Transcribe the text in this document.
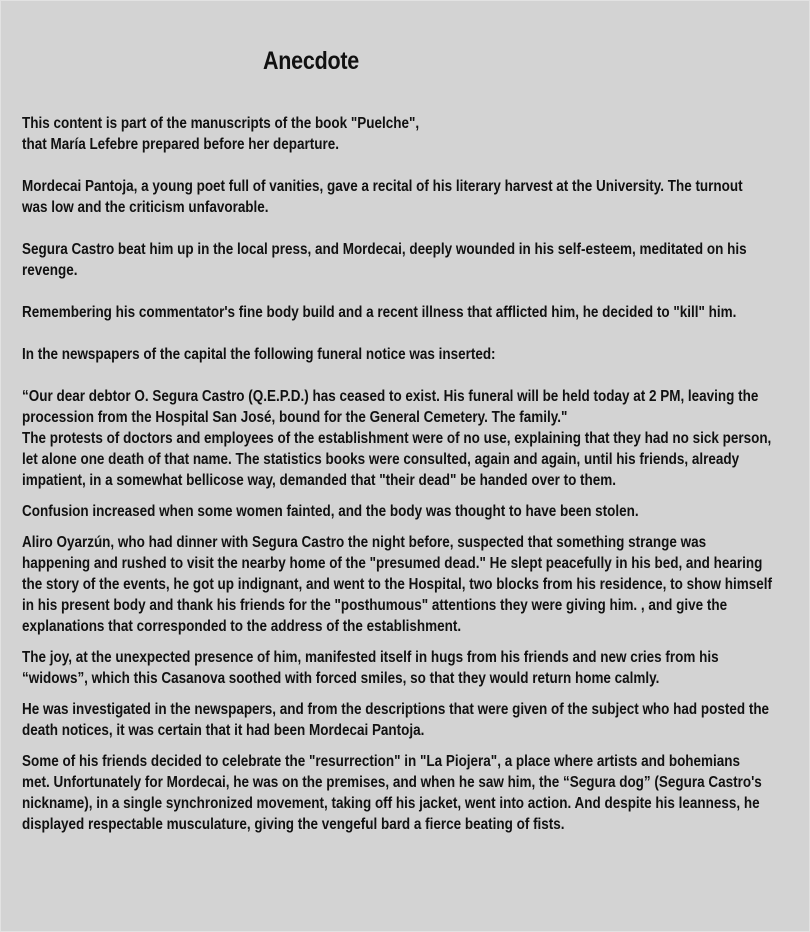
Anecdote

This content is part of the manuscripts of the book "Puelche",
that María Lefebre prepared before her departure.

Mordecai Pantoja, a young poet full of vanities, gave a recital of his literary harvest at the University. The turnout
was low and the criticism unfavorable.

Segura Castro beat him up in the local press, and Mordecai, deeply wounded in his self-esteem, meditated on his
revenge.

Remembering his commentator's fine body build and a recent illness that afflicted him, he decided to "kill" him.

In the newspapers of the capital the following funeral notice was inserted:

“Our dear debtor O. Segura Castro (Q.E.P.D.) has ceased to exist. His funeral will be held today at 2 PM, leaving the
procession from the Hospital San José, bound for the General Cemetery. The family."
The protests of doctors and employees of the establishment were of no use, explaining that they had no sick person,
let alone one death of that name. The statistics books were consulted, again and again, until his friends, already
impatient, in a somewhat bellicose way, demanded that "their dead" be handed over to them.

Confusion increased when some women fainted, and the body was thought to have been stolen.

Aliro Oyarzún, who had dinner with Segura Castro the night before, suspected that something strange was
happening and rushed to visit the nearby home of the "presumed dead." He slept peacefully in his bed, and hearing
the story of the events, he got up indignant, and went to the Hospital, two blocks from his residence, to show himself
in his present body and thank his friends for the "posthumous" attentions they were giving him. , and give the
explanations that corresponded to the address of the establishment.

The joy, at the unexpected presence of him, manifested itself in hugs from his friends and new cries from his
“widows”, which this Casanova soothed with forced smiles, so that they would return home calmly.

He was investigated in the newspapers, and from the descriptions that were given of the subject who had posted the
death notices, it was certain that it had been Mordecai Pantoja.

Some of his friends decided to celebrate the "resurrection" in "La Piojera", a place where artists and bohemians
met. Unfortunately for Mordecai, he was on the premises, and when he saw him, the “Segura dog” (Segura Castro's
nickname), in a single synchronized movement, taking off his jacket, went into action. And despite his leanness, he
displayed respectable musculature, giving the vengeful bard a fierce beating of fists.
